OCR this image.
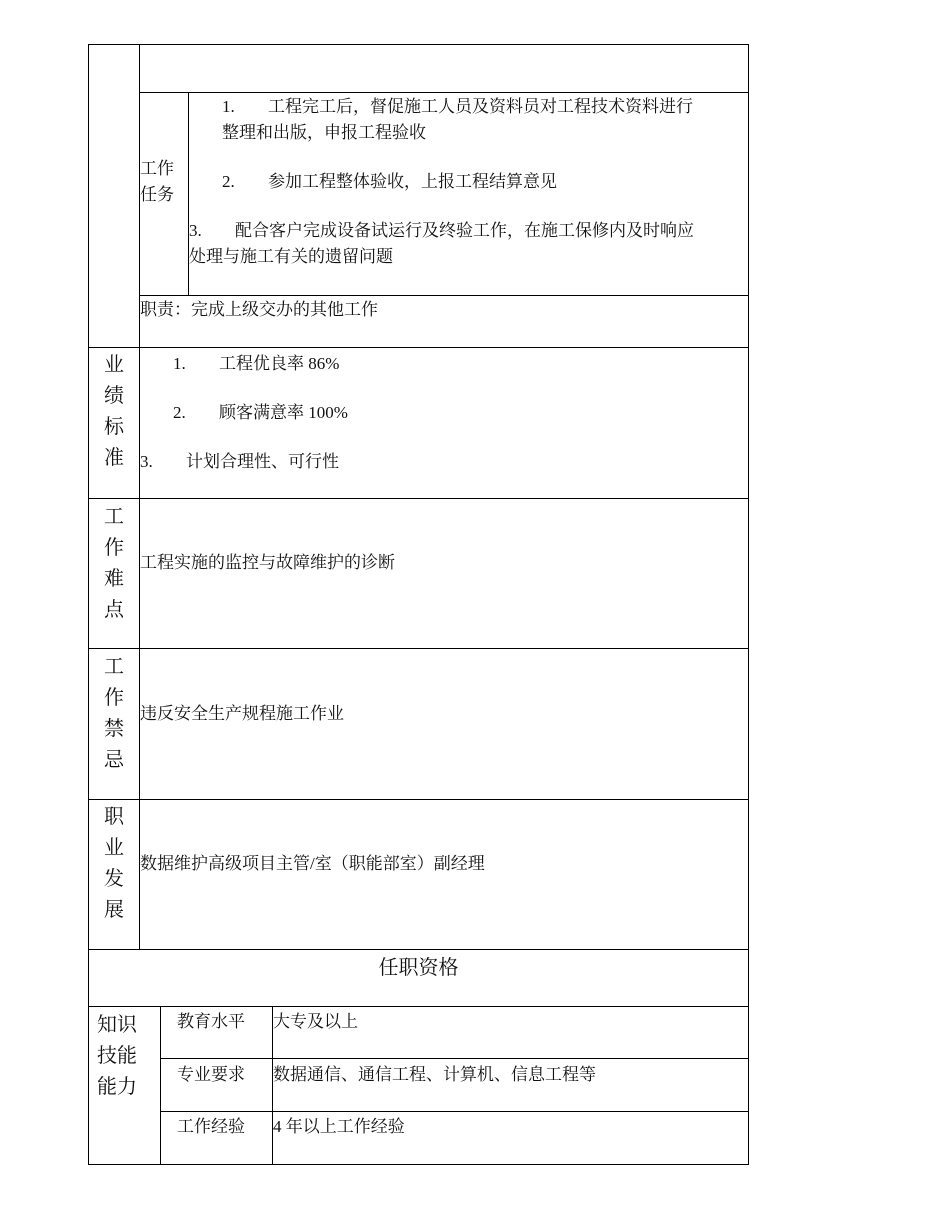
工作
任务
1. 工程完工后，督促施工人员及资料员对工程技术资料进行
整理和出版，申报工程验收
2. 参加工程整体验收，上报工程结算意见
3. 配合客户完成设备试运行及终验工作，在施工保修内及时响应
处理与施工有关的遗留问题
职责：完成上级交办的其他工作
业
绩
标
准
1. 工程优良率 86%
2. 顾客满意率 100%
3. 计划合理性、可行性
工
作
难
点
工程实施的监控与故障维护的诊断
工
作
禁
忌
违反安全生产规程施工作业
职
业
发
展
数据维护高级项目主管/室（职能部室）副经理
任职资格
知识
技能
能力
教育水平 大专及以上
专业要求 数据通信、通信工程、计算机、信息工程等
工作经验 4 年以上工作经验
